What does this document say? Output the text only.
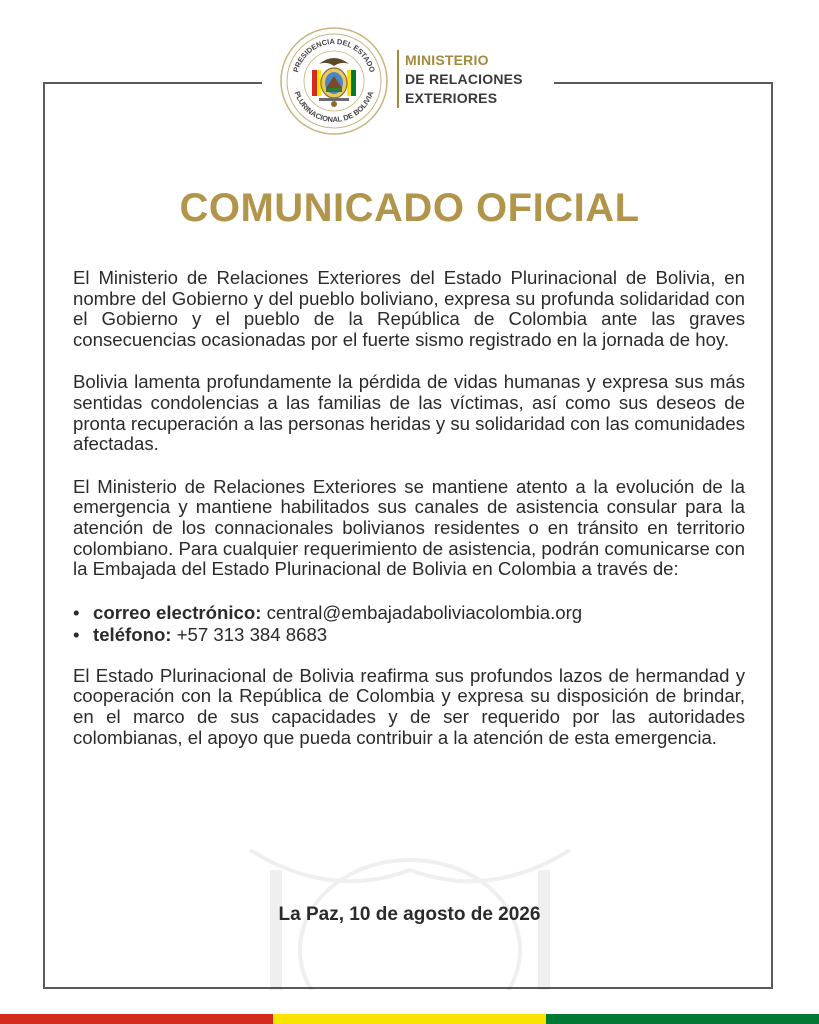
PRESIDENCIA DEL ESTADO
PLURINACIONAL DE BOLIVIA
MINISTERIO
DE RELACIONES
EXTERIORES
COMUNICADO OFICIAL

El Ministerio de Relaciones Exteriores del Estado Plurinacional de Bolivia, en nombre del Gobierno y del pueblo boliviano, expresa su profunda solidaridad con el Gobierno y el pueblo de la República de Colombia ante las graves consecuencias ocasionadas por el fuerte sismo registrado en la jornada de hoy.

Bolivia lamenta profundamente la pérdida de vidas humanas y expresa sus más sentidas condolencias a las familias de las víctimas, así como sus deseos de pronta recuperación a las personas heridas y su solidaridad con las comunidades afectadas.

El Ministerio de Relaciones Exteriores se mantiene atento a la evolución de la emergencia y mantiene habilitados sus canales de asistencia consular para la atención de los connacionales bolivianos residentes o en tránsito en territorio colombiano. Para cualquier requerimiento de asistencia, podrán comunicarse con la Embajada del Estado Plurinacional de Bolivia en Colombia a través de:

• correo electrónico: central@embajadaboliviacolombia.org
• teléfono: +57 313 384 8683

El Estado Plurinacional de Bolivia reafirma sus profundos lazos de hermandad y cooperación con la República de Colombia y expresa su disposición de brindar, en el marco de sus capacidades y de ser requerido por las autoridades colombianas, el apoyo que pueda contribuir a la atención de esta emergencia.

La Paz, 10 de agosto de 2026
